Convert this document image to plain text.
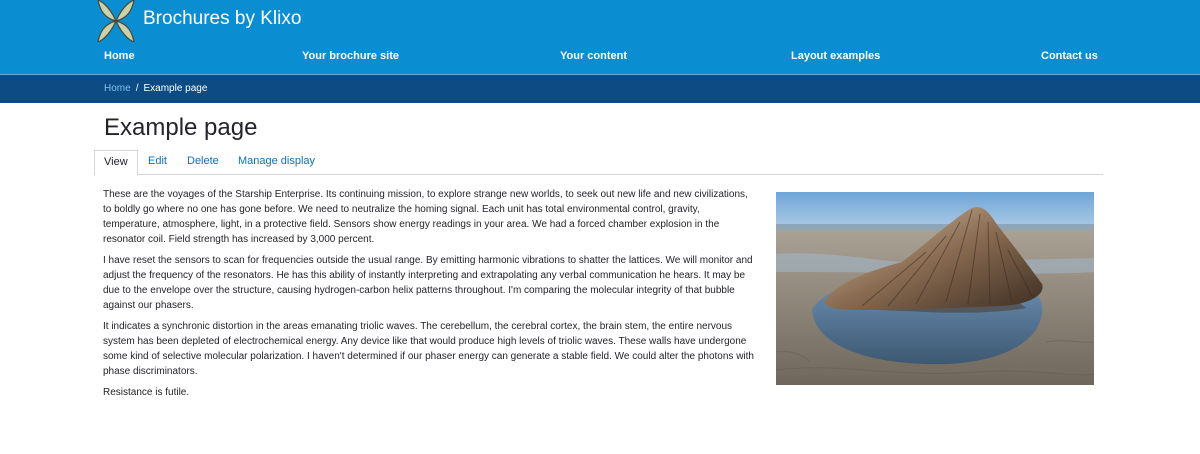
Brochures by Klixo
Home	Your brochure site	Your content	Layout examples	Contact us
Home / Example page
Example page
View	Edit Delete Manage display

These are the voyages of the Starship Enterprise. Its continuing mission, to explore strange new worlds, to seek out new life and new civilizations, to boldly go where no one has gone before. We need to neutralize the homing signal. Each unit has total environmental control, gravity, temperature, atmosphere, light, in a protective field. Sensors show energy readings in your area. We had a forced chamber explosion in the resonator coil. Field strength has increased by 3,000 percent.

I have reset the sensors to scan for frequencies outside the usual range. By emitting harmonic vibrations to shatter the lattices. We will monitor and adjust the frequency of the resonators. He has this ability of instantly interpreting and extrapolating any verbal communication he hears. It may be due to the envelope over the structure, causing hydrogen-carbon helix patterns throughout. I'm comparing the molecular integrity of that bubble against our phasers.

It indicates a synchronic distortion in the areas emanating triolic waves. The cerebellum, the cerebral cortex, the brain stem, the entire nervous system has been depleted of electrochemical energy. Any device like that would produce high levels of triolic waves. These walls have undergone some kind of selective molecular polarization. I haven't determined if our phaser energy can generate a stable field. We could alter the photons with phase discriminators.

Resistance is futile.
